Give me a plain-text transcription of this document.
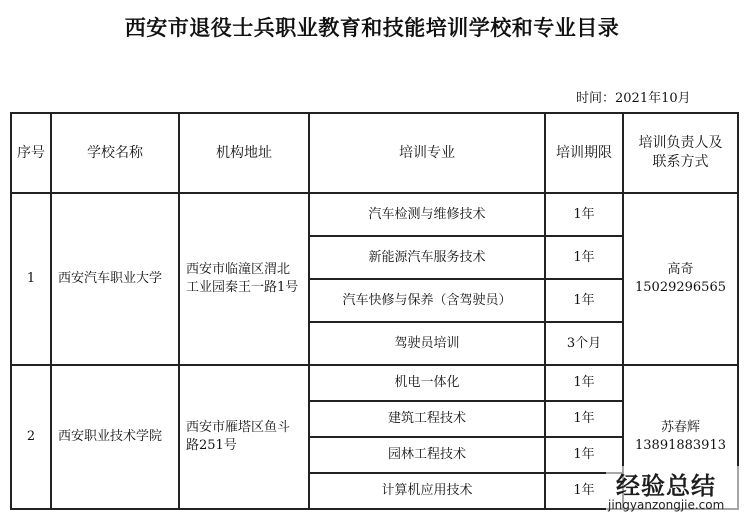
西安市退役士兵职业教育和技能培训学校和专业目录
时间：2021年10月
序号	学校名称	机构地址	培训专业	培训期限	培训负责人及联系方式
1	西安汽车职业大学	西安市临潼区渭北工业园秦王一路1号	汽车检测与维修技术	1年	高奇
15029296565

			新能源汽车服务技术	1年	
			汽车快修与保养（含驾驶员）	1年	
			驾驶员培训	3个月	
2	西安职业技术学院	西安市雁塔区鱼斗路251号	机电一体化	1年	苏春辉
13891883913

			建筑工程技术	1年	
			园林工程技术	1年	
			计算机应用技术	1年	经验总结
jingyanzongjie.com
